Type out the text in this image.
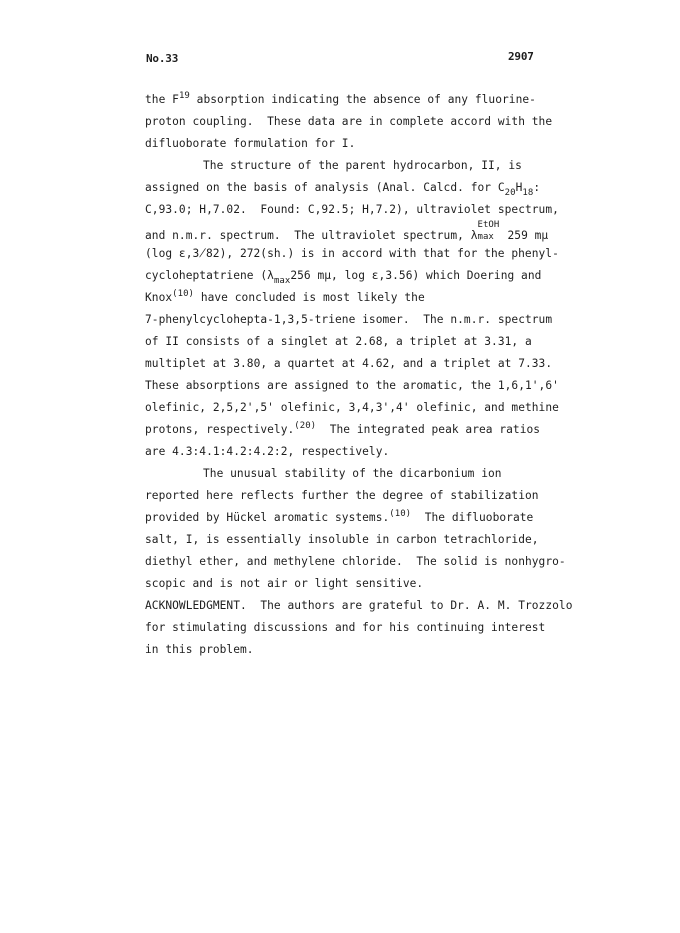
No.33	2907
the $F^{19}$ absorption indicating the absence of any fluorine-
proton coupling.  These data are in complete accord with the
difluoborate formulation for I.
The structure of the parent hydrocarbon, II, is
assigned on the basis of analysis (Anal. Calcd. for $C_{20}H_{18}$:
C,93.0; H,7.02.  Found: C,92.5; H,7.2), ultraviolet spectrum,
and n.m.r. spectrum.  The ultraviolet spectrum, λ
EtOH
max 259 mμ
(log ε,3̸82), 272(sh.) is in accord with that for the phenyl-
cycloheptatriene ($\lambda_{max}256$ mμ, log ε,3.56) which Doering and
Knox$^{(10)}$ have concluded is most likely the
7-phenylcyclohepta-1,3,5-triene isomer.  The n.m.r. spectrum
of II consists of a singlet at 2.68, a triplet at 3.31, a
multiplet at 3.80, a quartet at 4.62, and a triplet at 7.33.
These absorptions are assigned to the aromatic, the 1,6,1',6'
olefinic, 2,5,2',5' olefinic, 3,4,3',4' olefinic, and methine
protons, respectively.$^{(20)}$  The integrated peak area ratios
are 4.3:4.1:4.2:4.2:2, respectively.
The unusual stability of the dicarbonium ion
reported here reflects further the degree of stabilization
provided by Hückel aromatic systems.$^{(10)}$  The difluoborate
salt, I, is essentially insoluble in carbon tetrachloride,
diethyl ether, and methylene chloride.  The solid is nonhygro-
scopic and is not air or light sensitive.
ACKNOWLEDGMENT.  The authors are grateful to Dr. A. M. Trozzolo
for stimulating discussions and for his continuing interest
in this problem.
